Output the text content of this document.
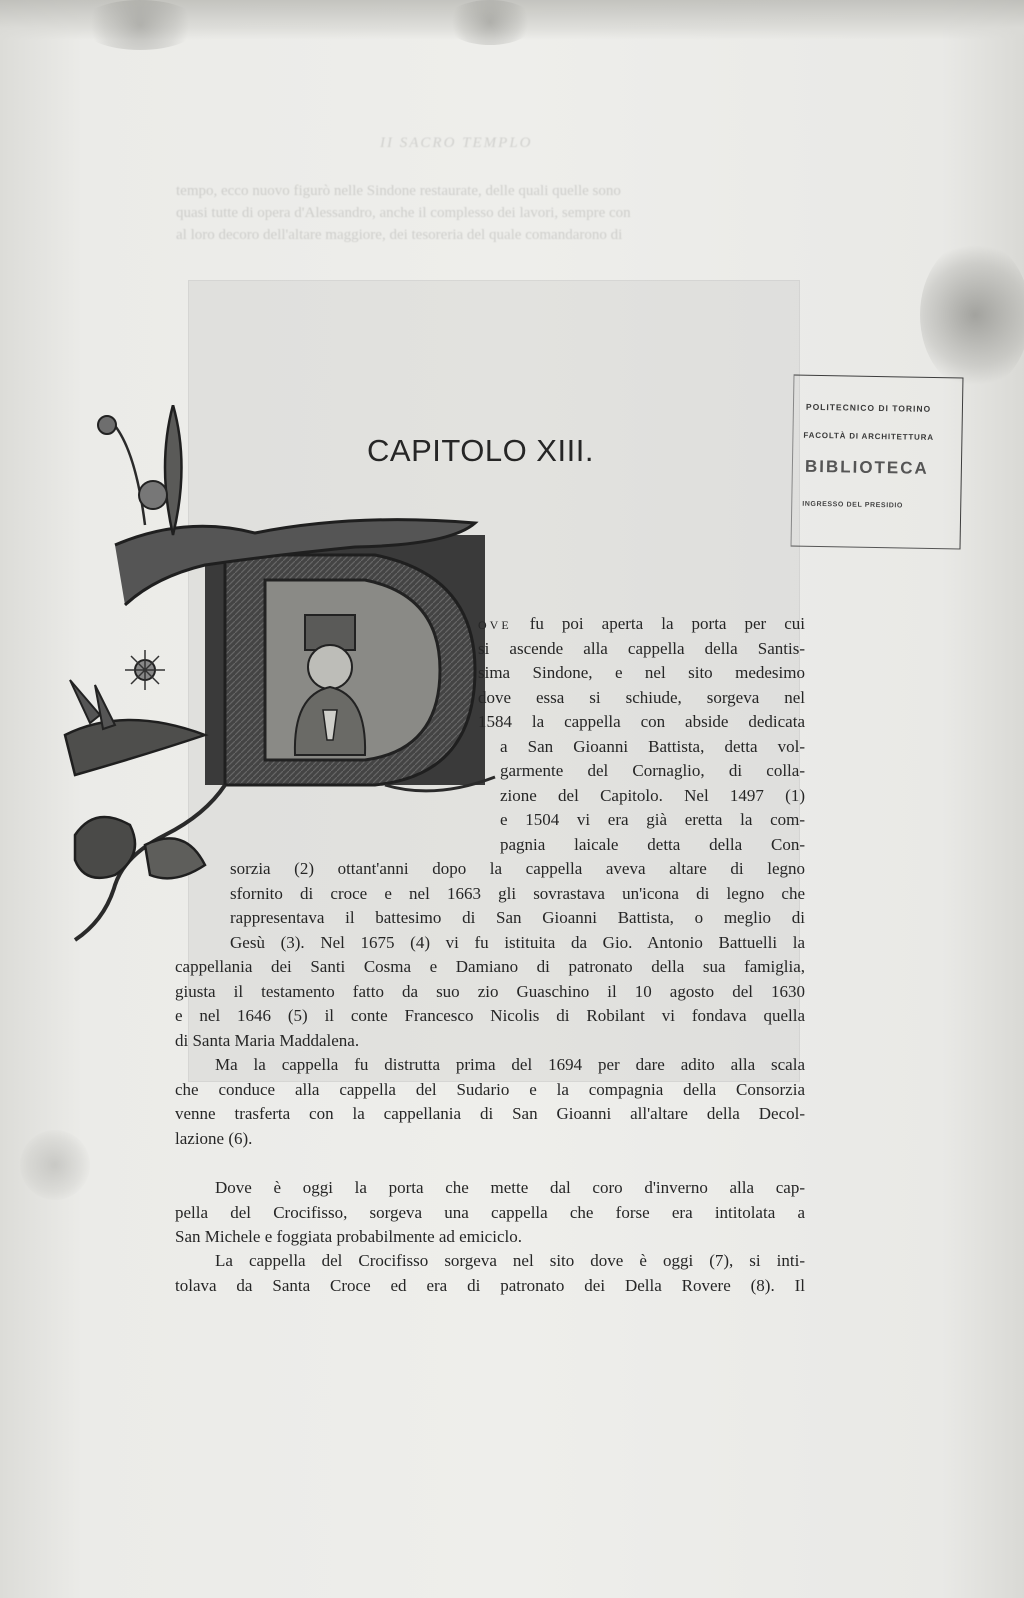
II SACRO TEMPLO
tempo, ecco nuovo figurò nelle Sindone restaurate, delle quali quelle sono
quasi tutte di opera d'Alessandro, anche il complesso dei lavori, sempre con
al loro decoro dell'altare maggiore, dei tesoreria del quale comandarono di
CAPITOLO XIII.
POLITECNICO DI TORINO
FACOLTÀ DI ARCHITETTURA
BIBLIOTECA
INGRESSO DEL PRESIDIO
ove fu poi aperta la porta per cui
si ascende alla cappella della Santis-
sima Sindone, e nel sito medesimo
dove essa si schiude, sorgeva nel
1584 la cappella con abside dedicata
a San Gioanni Battista, detta vol-
garmente del Cornaglio, di colla-
zione del Capitolo. Nel 1497 (1)
e 1504 vi era già eretta la com-
pagnia laicale detta della Con-
sorzia (2) ottant'anni dopo la cappella aveva altare di legno
sfornito di croce e nel 1663 gli sovrastava un'icona di legno che
rappresentava il battesimo di San Gioanni Battista, o meglio di
Gesù (3). Nel 1675 (4) vi fu istituita da Gio. Antonio Battuelli la
cappellania dei Santi Cosma e Damiano di patronato della sua famiglia,
giusta il testamento fatto da suo zio Guaschino il 10 agosto del 1630
e nel 1646 (5) il conte Francesco Nicolis di Robilant vi fondava quella
di Santa Maria Maddalena.
Ma la cappella fu distrutta prima del 1694 per dare adito alla scala
che conduce alla cappella del Sudario e la compagnia della Consorzia
venne trasferta con la cappellania di San Gioanni all'altare della Decol-
lazione (6).
Dove è oggi la porta che mette dal coro d'inverno alla cap-
pella del Crocifisso, sorgeva una cappella che forse era intitolata a
San Michele e foggiata probabilmente ad emiciclo.
La cappella del Crocifisso sorgeva nel sito dove è oggi (7), si inti-
tolava da Santa Croce ed era di patronato dei Della Rovere (8). Il
